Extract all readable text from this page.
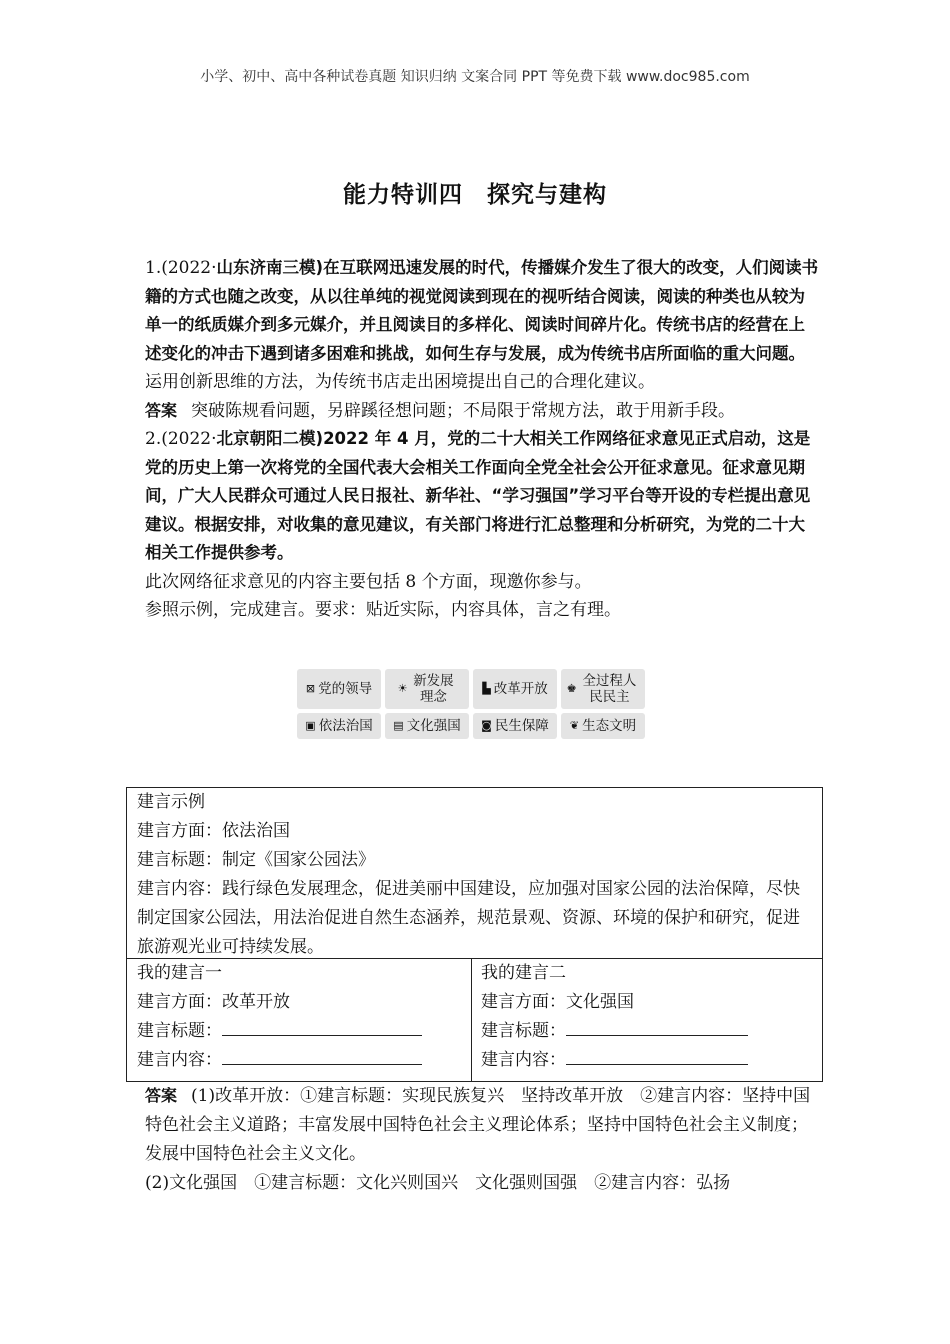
小学、初中、高中各种试卷真题 知识归纳 文案合同 PPT 等免费下载 www.doc985.com
能力特训四　探究与建构

1.(2022·山东济南三模)在互联网迅速发展的时代，传播媒介发生了很大的改变，人们阅读书籍的方式也随之改变，从以往单纯的视觉阅读到现在的视听结合阅读，阅读的种类也从较为单一的纸质媒介到多元媒介，并且阅读目的多样化、阅读时间碎片化。传统书店的经营在上述变化的冲击下遇到诸多困难和挑战，如何生存与发展，成为传统书店所面临的重大问题。

运用创新思维的方法，为传统书店走出困境提出自己的合理化建议。

答案 突破陈规看问题，另辟蹊径想问题；不局限于常规方法，敢于用新手段。

2.(2022·北京朝阳二模)2022 年 4 月，党的二十大相关工作网络征求意见正式启动，这是党的历史上第一次将党的全国代表大会相关工作面向全党全社会公开征求意见。征求意见期间，广大人民群众可通过人民日报社、新华社、“学习强国”学习平台等开设的专栏提出意见建议。根据安排，对收集的意见建议，有关部门将进行汇总整理和分析研究，为党的二十大相关工作提供参考。

此次网络征求意见的内容主要包括 8 个方面，现邀你参与。

参照示例，完成建言。要求：贴近实际，内容具体，言之有理。

⊠ 党的领导 ☀ 新发展理念
▙ 改革开放 ♚ 全过程人民民主
▣ 依法治国 ▤ 文化强国 ◙ 民生保障 ❦ 生态文明
建言示例
建言方面：依法治国
建言标题：制定《国家公园法》
建言内容：践行绿色发展理念，促进美丽中国建设，应加强对国家公园的法治保障，尽快制定国家公园法，用法治促进自然生态涵养，规范景观、资源、环境的保护和研究，促进旅游观光业可持续发展。
我的建言一
建言方面：改革开放
建言标题：
建言内容：
我的建言二
建言方面：文化强国
建言标题：
建言内容：

答案 (1)改革开放：①建言标题：实现民族复兴　坚持改革开放　②建言内容：坚持中国特色社会主义道路；丰富发展中国特色社会主义理论体系；坚持中国特色社会主义制度；发展中国特色社会主义文化。

(2)文化强国　①建言标题：文化兴则国兴　文化强则国强　②建言内容：弘扬
